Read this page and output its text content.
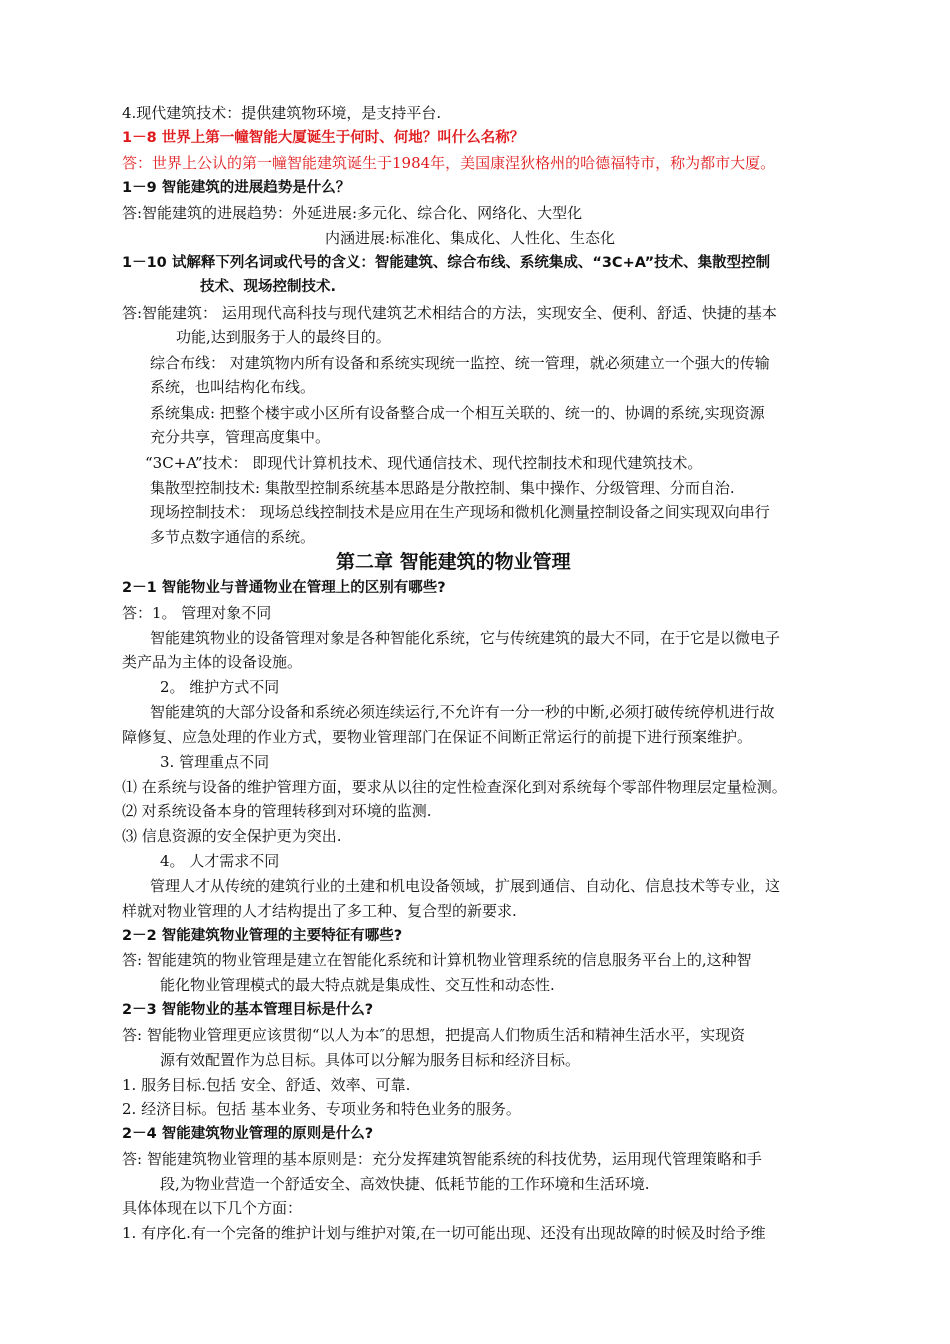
4.现代建筑技术：提供建筑物环境，是支持平台.
1－8 世界上第一幢智能大厦诞生于何时、何地？叫什么名称？
答：世界上公认的第一幢智能建筑诞生于1984年，美国康涅狄格州的哈德福特市，称为都市大厦。
1－9 智能建筑的进展趋势是什么？
答:智能建筑的进展趋势：外延进展:多元化、综合化、网络化、大型化
内涵进展:标准化、集成化、人性化、生态化
1－10 试解释下列名词或代号的含义：智能建筑、综合布线、系统集成、“3C+A”技术、集散型控制
技术、现场控制技术.
答:智能建筑： 运用现代高科技与现代建筑艺术相结合的方法，实现安全、便利、舒适、快捷的基本
功能,达到服务于人的最终目的。
综合布线： 对建筑物内所有设备和系统实现统一监控、统一管理，就必须建立一个强大的传输
系统，也叫结构化布线。
系统集成: 把整个楼宇或小区所有设备整合成一个相互关联的、统一的、协调的系统,实现资源
充分共享，管理高度集中。
“3C+A”技术： 即现代计算机技术、现代通信技术、现代控制技术和现代建筑技术。
集散型控制技术: 集散型控制系统基本思路是分散控制、集中操作、分级管理、分而自治.
现场控制技术： 现场总线控制技术是应用在生产现场和微机化测量控制设备之间实现双向串行
多节点数字通信的系统。
第二章 智能建筑的物业管理
2－1 智能物业与普通物业在管理上的区别有哪些?
答：1。 管理对象不同
智能建筑物业的设备管理对象是各种智能化系统，它与传统建筑的最大不同，在于它是以微电子
类产品为主体的设备设施。
2。 维护方式不同
智能建筑的大部分设备和系统必须连续运行,不允许有一分一秒的中断,必须打破传统停机进行故
障修复、应急处理的作业方式，要物业管理部门在保证不间断正常运行的前提下进行预案维护。
3. 管理重点不同
⑴ 在系统与设备的维护管理方面，要求从以往的定性检查深化到对系统每个零部件物理层定量检测。
⑵ 对系统设备本身的管理转移到对环境的监测.
⑶ 信息资源的安全保护更为突出.
4。 人才需求不同
管理人才从传统的建筑行业的土建和机电设备领域，扩展到通信、自动化、信息技术等专业，这
样就对物业管理的人才结构提出了多工种、复合型的新要求.
2－2 智能建筑物业管理的主要特征有哪些?
答: 智能建筑的物业管理是建立在智能化系统和计算机物业管理系统的信息服务平台上的,这种智
能化物业管理模式的最大特点就是集成性、交互性和动态性.
2－3 智能物业的基本管理目标是什么?
答: 智能物业管理更应该贯彻“以人为本″的思想，把提高人们物质生活和精神生活水平，实现资
源有效配置作为总目标。具体可以分解为服务目标和经济目标。
1. 服务目标.包括 安全、舒适、效率、可靠.
2. 经济目标。包括 基本业务、专项业务和特色业务的服务。
2－4 智能建筑物业管理的原则是什么?
答: 智能建筑物业管理的基本原则是：充分发挥建筑智能系统的科技优势，运用现代管理策略和手
段,为物业营造一个舒适安全、高效快捷、低耗节能的工作环境和生活环境.
具体体现在以下几个方面：
1. 有序化.有一个完备的维护计划与维护对策,在一切可能出现、还没有出现故障的时候及时给予维
